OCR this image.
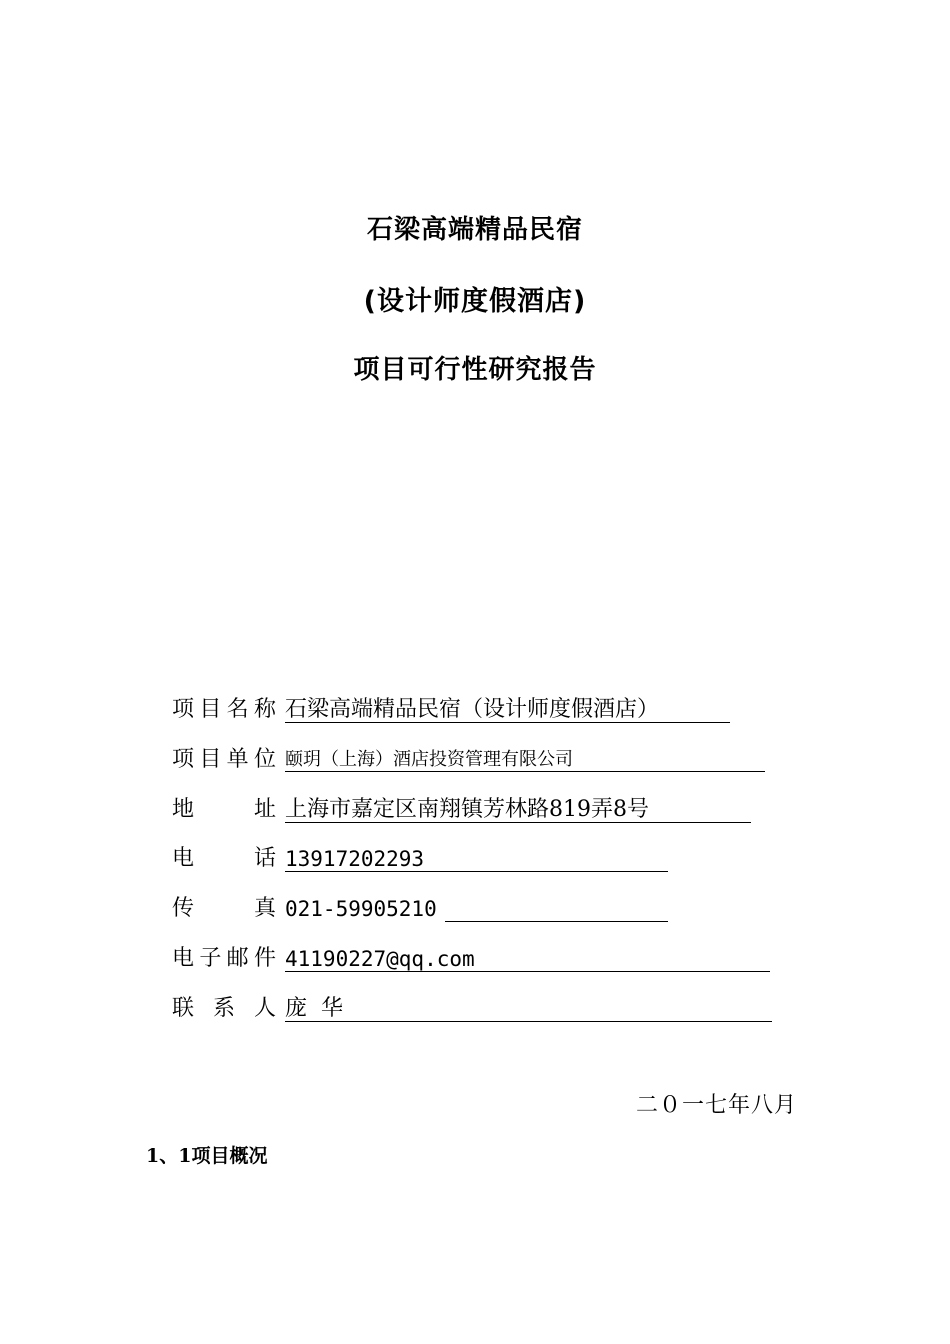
石梁高端精品民宿
(设计师度假酒店)
项目可行性研究报告
项目名称 石梁高端精品民宿（设计师度假酒店）
项目单位 颐玥（上海）酒店投资管理有限公司
地址 上海市嘉定区南翔镇芳林路819弄8号
电话 13917202293
传真 021-59905210
电子邮件 41190227@qq.com
联系人 庞  华
二０一七年八月
1、1项目概况
